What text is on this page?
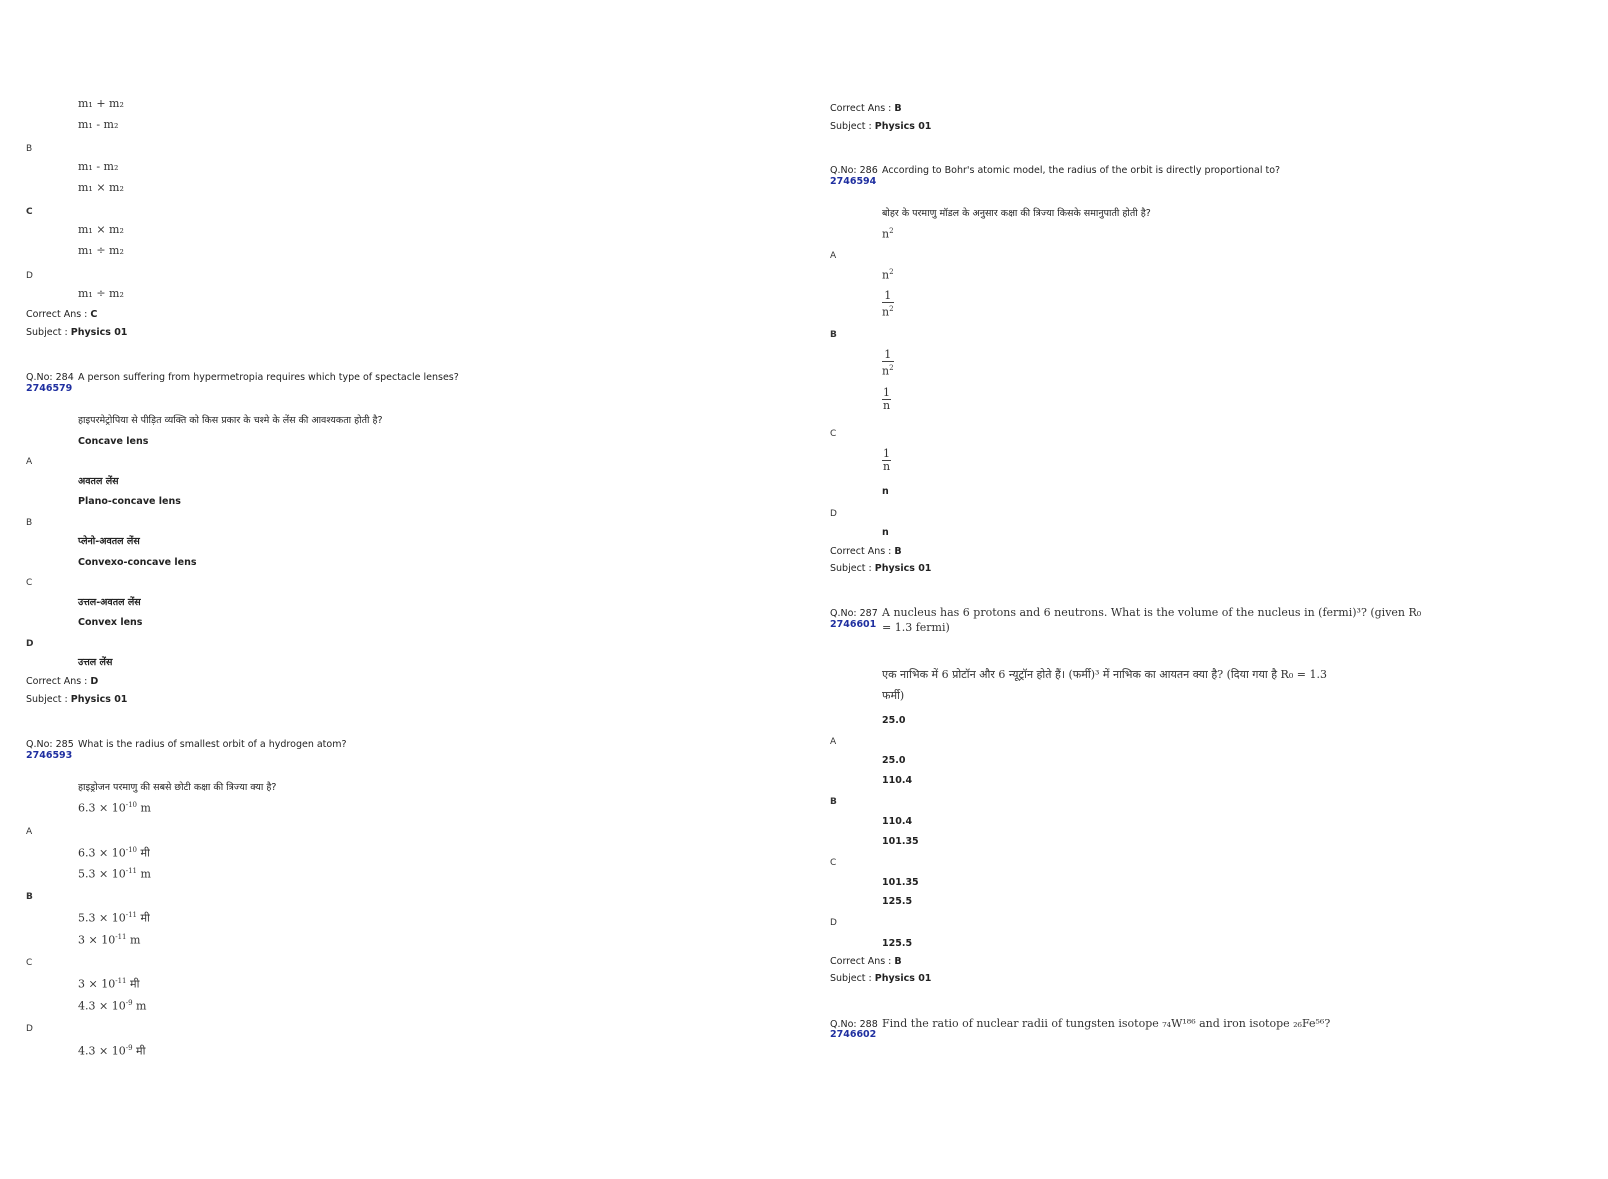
m₁ + m₂
m₁ - m₂
B
m₁ - m₂
m₁ × m₂
C
m₁ × m₂
m₁ ÷ m₂
D
m₁ ÷ m₂
Correct Ans : C
Subject : Physics 01
Q.No: 284 A person suffering from hypermetropia requires which type of spectacle lenses?
2746579
हाइपरमेट्रोपिया से पीड़ित व्यक्ति को किस प्रकार के चश्मे के लेंस की आवश्यकता होती है?
Concave lens
A
अवतल लेंस
Plano-concave lens
B
प्लेनो-अवतल लेंस
Convexo-concave lens
C
उत्तल-अवतल लेंस
Convex lens
D
उत्तल लेंस
Correct Ans : D
Subject : Physics 01
Q.No: 285 What is the radius of smallest orbit of a hydrogen atom?
2746593
हाइड्रोजन परमाणु की सबसे छोटी कक्षा की त्रिज्या क्या है?
$6.3 \times 10^{-10}$ m
A
$6.3 \times 10^{-10}$ मी
$5.3 \times 10^{-11}$ m
B
$5.3 \times 10^{-11}$ मी
$3 \times 10^{-11}$ m
C
$3 \times 10^{-11}$ मी
$4.3 \times 10^{-9}$ m
D
$4.3 \times 10^{-9}$ मी
Correct Ans : B
Subject : Physics 01
Q.No: 286 According to Bohr's atomic model, the radius of the orbit is directly proportional to?
2746594
बोहर के परमाणु मॉडल के अनुसार कक्षा की त्रिज्या किसके समानुपाती होती है?
$n^2$
A
$n^2$
$\frac{1}{n^2}$
B
$\frac{1}{n^2}$
$\frac{1}{n}$
C
$\frac{1}{n}$
n
D
n
Correct Ans : B
Subject : Physics 01
Q.No: 287 A nucleus has 6 protons and 6 neutrons. What is the volume of the nucleus in (fermi)³? (given R₀
2746601 = 1.3 fermi)
एक नाभिक में 6 प्रोटॉन और 6 न्यूट्रॉन होते हैं। (फर्मी)³ में नाभिक का आयतन क्या है? (दिया गया है R₀ = 1.3
फर्मी)
25.0
A
25.0
110.4
B
110.4
101.35
C
101.35
125.5
D
125.5
Correct Ans : B
Subject : Physics 01
Q.No: 288 Find the ratio of nuclear radii of tungsten isotope ₇₄W¹⁸⁶ and iron isotope ₂₆Fe⁵⁶?
2746602
